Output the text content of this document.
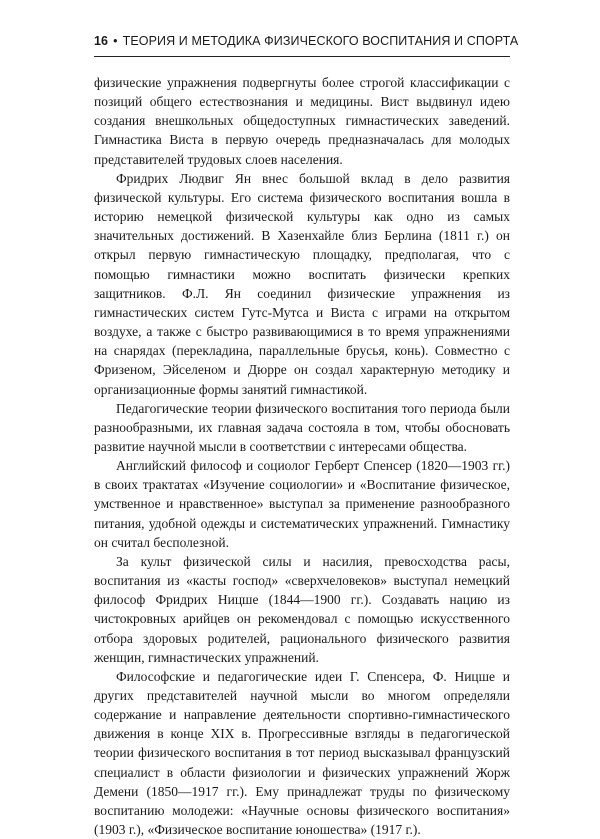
16 • ТЕОРИЯ И МЕТОДИКА ФИЗИЧЕСКОГО ВОСПИТАНИЯ И СПОРТА

физические упражнения подвергнуты более строгой классификации с позиций общего естествознания и медицины. Вист выдвинул идею создания внешкольных общедоступных гимнастических заведений. Гимнастика Виста в первую очередь предназначалась для молодых представителей трудовых слоев населения.

Фридрих Людвиг Ян внес большой вклад в дело развития физической культуры. Его система физического воспитания вошла в историю немецкой физической культуры как одно из самых значительных достижений. В Хазенхайле близ Берлина (1811 г.) он открыл первую гимнастическую площадку, предполагая, что с помощью гимнастики можно воспитать физически крепких защитников. Ф.Л. Ян соединил физические упражнения из гимнастических систем Гутс-Мутса и Виста с играми на открытом воздухе, а также с быстро развивающимися в то время упражнениями на снарядах (перекладина, параллельные брусья, конь). Совместно с Фризеном, Эйселеном и Дюрре он создал характерную методику и организационные формы занятий гимнастикой.

Педагогические теории физического воспитания того периода были разнообразными, их главная задача состояла в том, чтобы обосновать развитие научной мысли в соответствии с интересами общества.

Английский философ и социолог Герберт Спенсер (1820—1903 гг.) в своих трактатах «Изучение социологии» и «Воспитание физическое, умственное и нравственное» выступал за применение разнообразного питания, удобной одежды и систематических упражнений. Гимнастику он считал бесполезной.

За культ физической силы и насилия, превосходства расы, воспитания из «касты господ» «сверхчеловеков» выступал немецкий философ Фридрих Ницше (1844—1900 гг.). Создавать нацию из чистокровных арийцев он рекомендовал с помощью искусственного отбора здоровых родителей, рационального физического развития женщин, гимнастических упражнений.

Философские и педагогические идеи Г. Спенсера, Ф. Ницше и других представителей научной мысли во многом определяли содержание и направление деятельности спортивно-гимнастического движения в конце XIX в. Прогрессивные взгляды в педагогической теории физического воспитания в тот период высказывал французский специалист в области физиологии и физических упражнений Жорж Демени (1850—1917 гг.). Ему принадлежат труды по физическому воспитанию молодежи: «Научные основы физического воспитания» (1903 г.), «Физическое воспитание юношества» (1917 г.).
